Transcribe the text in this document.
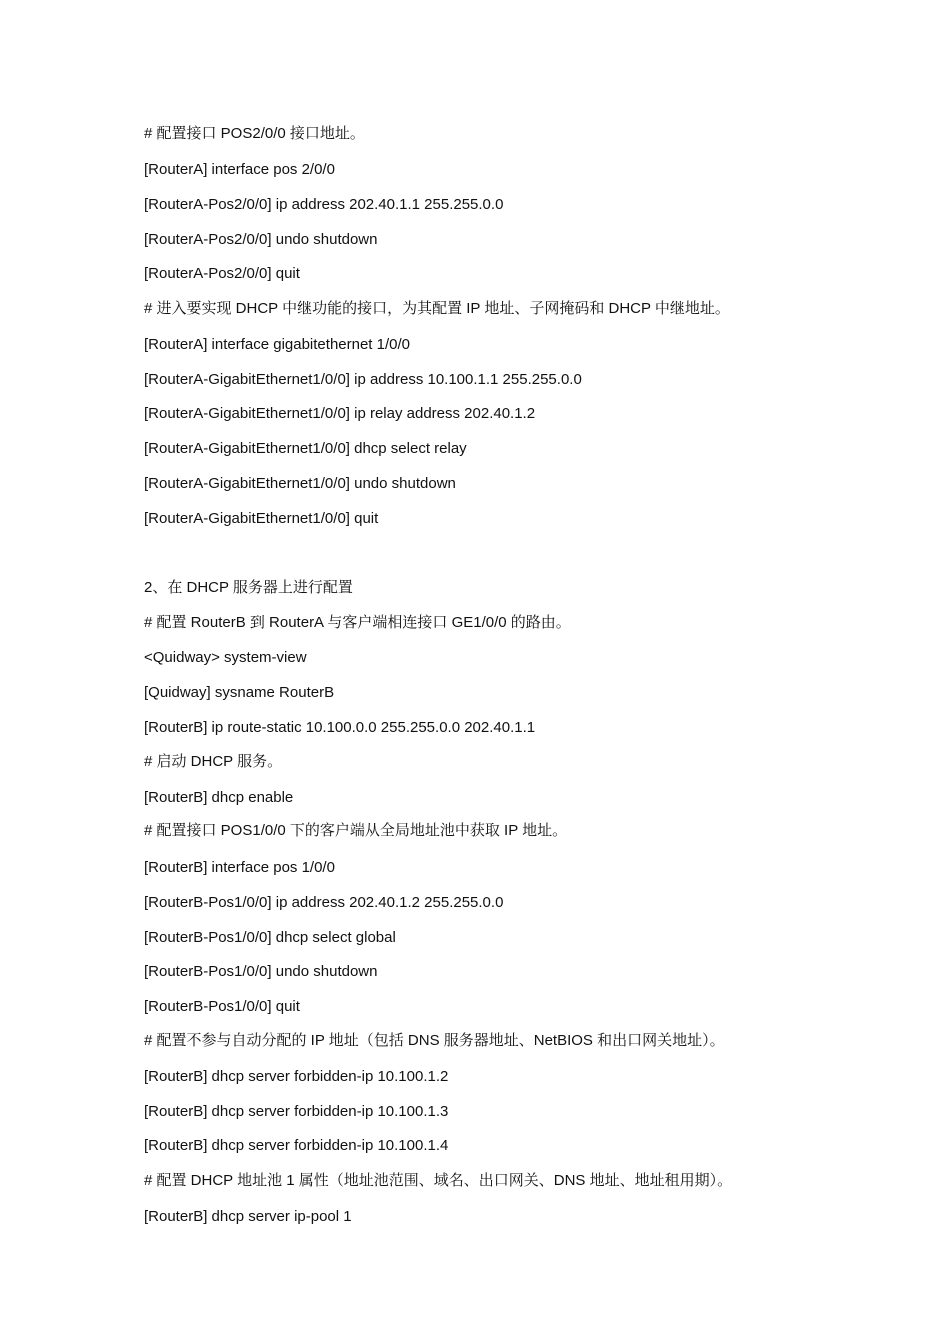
# 配置接口 POS2/0/0 接口地址。
[RouterA] interface pos 2/0/0
[RouterA-Pos2/0/0] ip address 202.40.1.1 255.255.0.0
[RouterA-Pos2/0/0] undo shutdown
[RouterA-Pos2/0/0] quit
# 进入要实现 DHCP 中继功能的接口，为其配置 IP 地址、子网掩码和 DHCP 中继地址。
[RouterA] interface gigabitethernet 1/0/0
[RouterA-GigabitEthernet1/0/0] ip address 10.100.1.1 255.255.0.0
[RouterA-GigabitEthernet1/0/0] ip relay address 202.40.1.2
[RouterA-GigabitEthernet1/0/0] dhcp select relay
[RouterA-GigabitEthernet1/0/0] undo shutdown
[RouterA-GigabitEthernet1/0/0] quit
2、在 DHCP 服务器上进行配置
# 配置 RouterB 到 RouterA 与客户端相连接口 GE1/0/0 的路由。
<Quidway> system-view
[Quidway] sysname RouterB
[RouterB] ip route-static 10.100.0.0 255.255.0.0 202.40.1.1
# 启动 DHCP 服务。
[RouterB] dhcp enable
# 配置接口 POS1/0/0 下的客户端从全局地址池中获取 IP 地址。
[RouterB] interface pos 1/0/0
[RouterB-Pos1/0/0] ip address 202.40.1.2 255.255.0.0
[RouterB-Pos1/0/0] dhcp select global
[RouterB-Pos1/0/0] undo shutdown
[RouterB-Pos1/0/0] quit
# 配置不参与自动分配的 IP 地址（包括 DNS 服务器地址、NetBIOS 和出口网关地址）。
[RouterB] dhcp server forbidden-ip 10.100.1.2
[RouterB] dhcp server forbidden-ip 10.100.1.3
[RouterB] dhcp server forbidden-ip 10.100.1.4
# 配置 DHCP 地址池 1 属性（地址池范围、域名、出口网关、DNS 地址、地址租用期）。
[RouterB] dhcp server ip-pool 1
